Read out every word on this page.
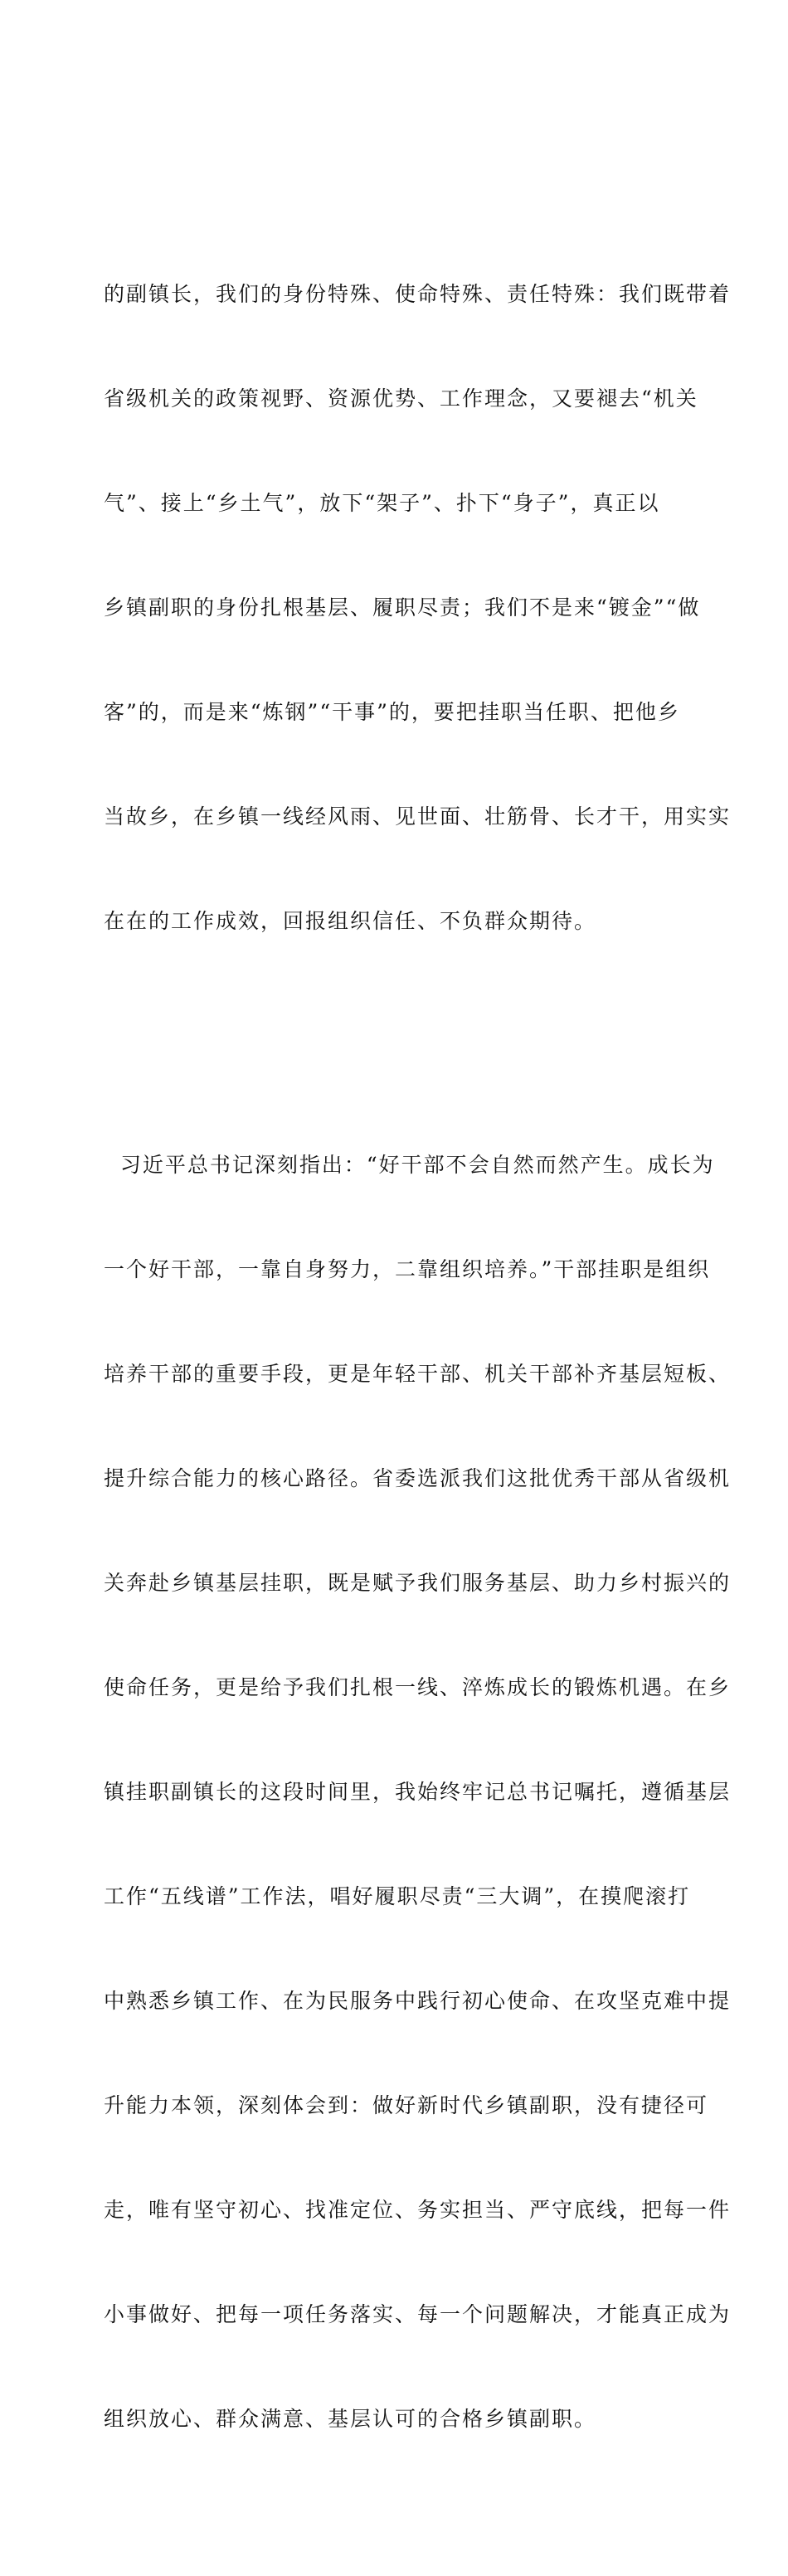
的副镇长，我们的身份特殊、使命特殊、责任特殊：我们既带着

省级机关的政策视野、资源优势、工作理念，又要褪去“机关

气”、接上“乡土气”，放下“架子”、扑下“身子”，真正以

乡镇副职的身份扎根基层、履职尽责；我们不是来“镀金”“做

客”的，而是来“炼钢”“干事”的，要把挂职当任职、把他乡

当故乡，在乡镇一线经风雨、见世面、壮筋骨、长才干，用实实

在在的工作成效，回报组织信任、不负群众期待。

习近平总书记深刻指出：“好干部不会自然而然产生。成长为

一个好干部，一靠自身努力，二靠组织培养。”干部挂职是组织

培养干部的重要手段，更是年轻干部、机关干部补齐基层短板、

提升综合能力的核心路径。省委选派我们这批优秀干部从省级机

关奔赴乡镇基层挂职，既是赋予我们服务基层、助力乡村振兴的

使命任务，更是给予我们扎根一线、淬炼成长的锻炼机遇。在乡

镇挂职副镇长的这段时间里，我始终牢记总书记嘱托，遵循基层

工作“五线谱”工作法，唱好履职尽责“三大调”，在摸爬滚打

中熟悉乡镇工作、在为民服务中践行初心使命、在攻坚克难中提

升能力本领，深刻体会到：做好新时代乡镇副职，没有捷径可

走，唯有坚守初心、找准定位、务实担当、严守底线，把每一件

小事做好、把每一项任务落实、每一个问题解决，才能真正成为

组织放心、群众满意、基层认可的合格乡镇副职。
